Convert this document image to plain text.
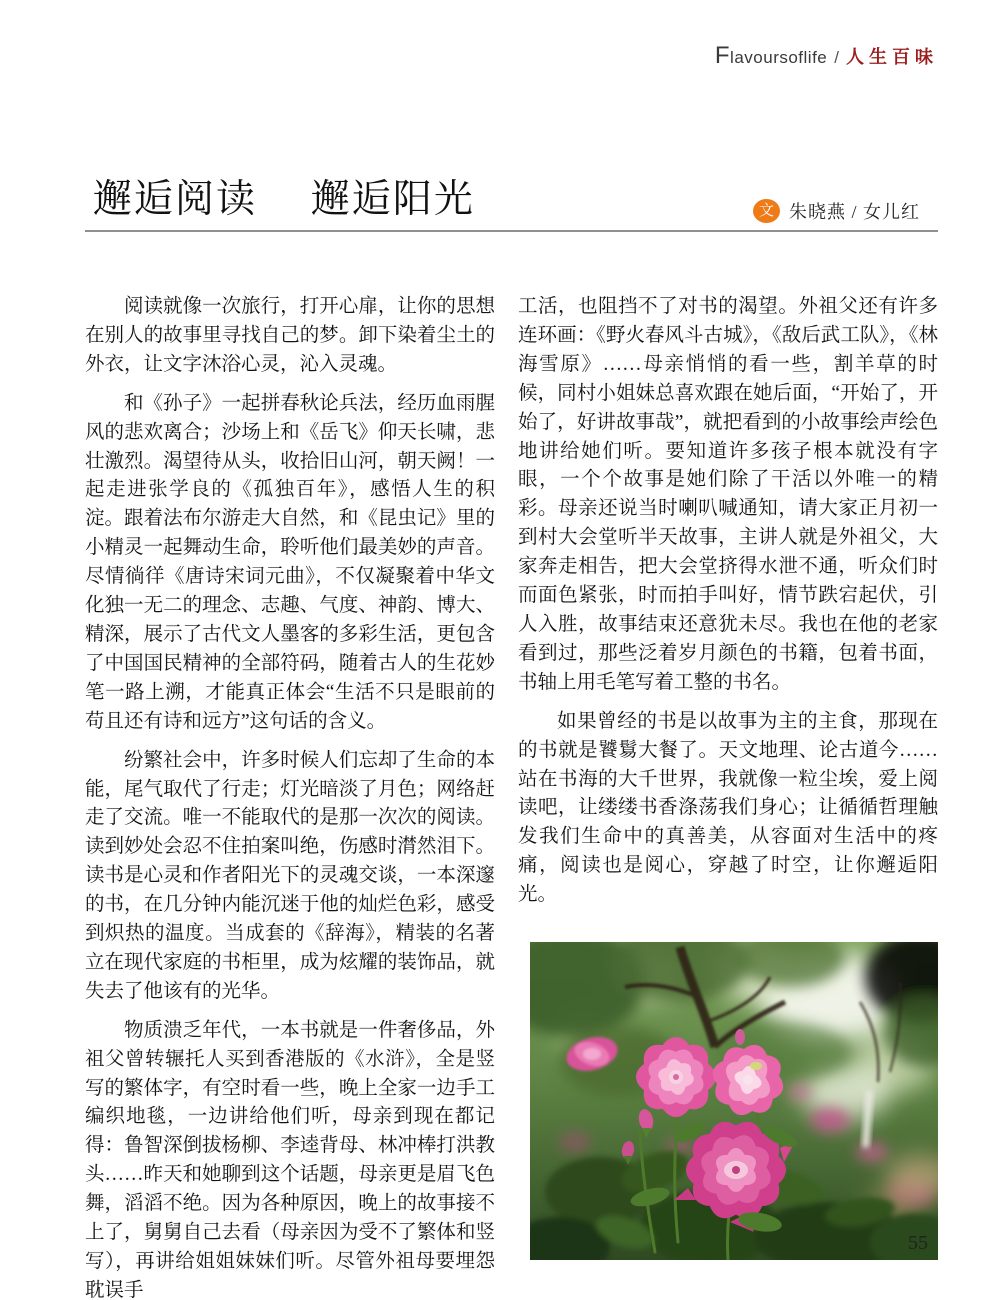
F lavoursoflife / 人生百味
邂逅阅读　 邂逅阳光	文 朱晓燕 / 女儿红

阅读就像一次旅行，打开心扉，让你的思想在别人的故事里寻找自己的梦。卸下染着尘土的外衣，让文字沐浴心灵，沁入灵魂。

和《孙子》一起拼春秋论兵法，经历血雨腥风的悲欢离合；沙场上和《岳飞》仰天长啸，悲壮激烈。渴望待从头，收拾旧山河，朝天阙！一起走进张学良的《孤独百年》，感悟人生的积淀。跟着法布尔游走大自然，和《昆虫记》里的小精灵一起舞动生命，聆听他们最美妙的声音。尽情徜徉《唐诗宋词元曲》，不仅凝聚着中华文化独一无二的理念、志趣、气度、神韵、博大、精深，展示了古代文人墨客的多彩生活，更包含了中国国民精神的全部符码，随着古人的生花妙笔一路上溯，才能真正体会“生活不只是眼前的苟且还有诗和远方”这句话的含义。

纷繁社会中，许多时候人们忘却了生命的本能，尾气取代了行走；灯光暗淡了月色；网络赶走了交流。唯一不能取代的是那一次次的阅读。读到妙处会忍不住拍案叫绝，伤感时潸然泪下。读书是心灵和作者阳光下的灵魂交谈，一本深邃的书，在几分钟内能沉迷于他的灿烂色彩，感受到炽热的温度。当成套的《辞海》，精装的名著立在现代家庭的书柜里，成为炫耀的装饰品，就失去了他该有的光华。

物质溃乏年代，一本书就是一件奢侈品，外祖父曾转辗托人买到香港版的《水浒》，全是竖写的繁体字，有空时看一些，晚上全家一边手工编织地毯，一边讲给他们听，母亲到现在都记得：鲁智深倒拔杨柳、李逵背母、林冲棒打洪教头……昨天和她聊到这个话题，母亲更是眉飞色舞，滔滔不绝。因为各种原因，晚上的故事接不上了，舅舅自己去看（母亲因为受不了繁体和竖写），再讲给姐姐妹妹们听。尽管外祖母要埋怨耽误手

工活，也阻挡不了对书的渴望。外祖父还有许多连环画：《野火春风斗古城》，《敌后武工队》，《林海雪原》……母亲悄悄的看一些，割羊草的时候，同村小姐妹总喜欢跟在她后面，“开始了，开始了，好讲故事哉”，就把看到的小故事绘声绘色地讲给她们听。要知道许多孩子根本就没有字眼，一个个故事是她们除了干活以外唯一的精彩。母亲还说当时喇叭喊通知，请大家正月初一到村大会堂听半天故事，主讲人就是外祖父，大家奔走相告，把大会堂挤得水泄不通，听众们时而面色紧张，时而拍手叫好，情节跌宕起伏，引人入胜，故事结束还意犹未尽。我也在他的老家看到过，那些泛着岁月颜色的书籍，包着书面，书轴上用毛笔写着工整的书名。

如果曾经的书是以故事为主的主食，那现在的书就是饕鬄大餐了。天文地理、论古道今……站在书海的大千世界，我就像一粒尘埃，爱上阅读吧，让缕缕书香涤荡我们身心；让循循哲理触发我们生命中的真善美，从容面对生活中的疼痛，阅读也是阅心，穿越了时空，让你邂逅阳光。

55
